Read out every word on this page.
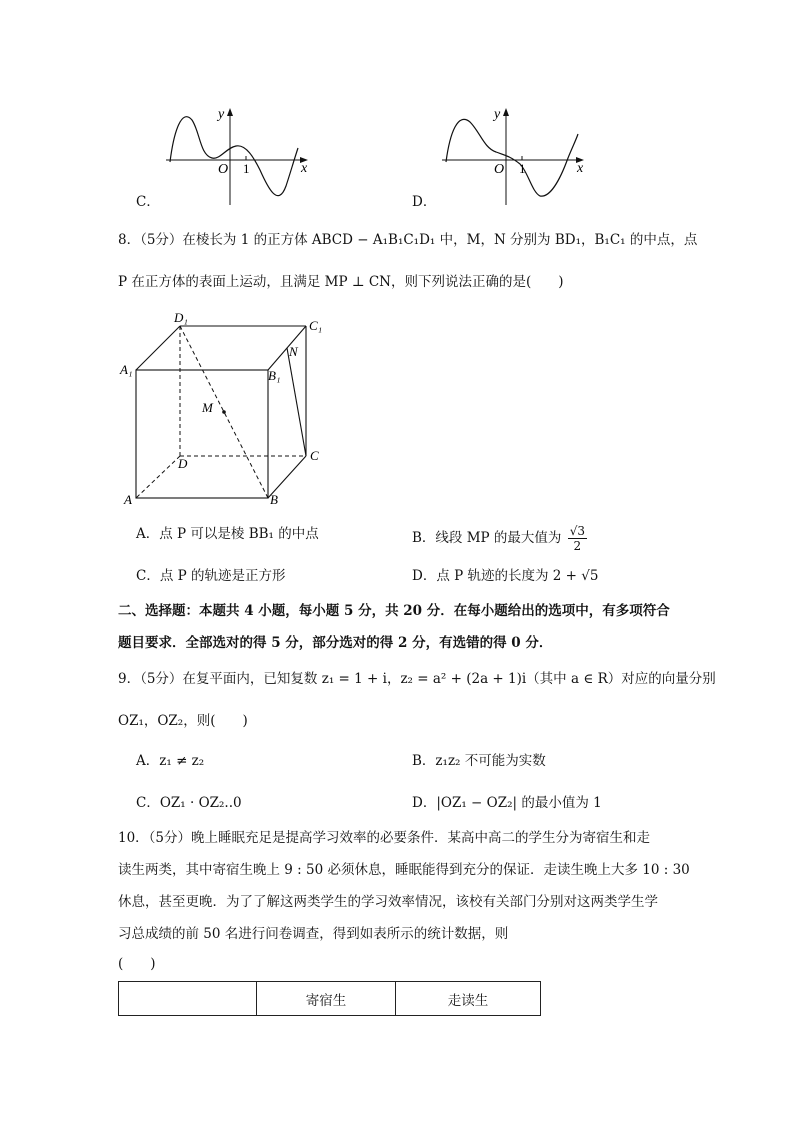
y
x
O 1
C．
y
x
O 1
D．
8．（5分）在棱长为 1 的正方体 ABCD − A₁B₁C₁D₁ 中，M，N 分别为 BD₁，B₁C₁ 的中点，点
P 在正方体的表面上运动，且满足 MP ⊥ CN，则下列说法正确的是(　　)
D₁
C₁
A₁	B₁
N
M
D
C
A	B
A．点 P 可以是棱 BB₁ 的中点	B．线段 MP 的最大值为 $\frac{√3}{2}$
C．点 P 的轨迹是正方形	D．点 P 轨迹的长度为 2 + √5
二、选择题：本题共 4 小题，每小题 5 分，共 20 分．在每小题给出的选项中，有多项符合
题目要求．全部选对的得 5 分，部分选对的得 2 分，有选错的得 0 分．
9．（5分）在复平面内，已知复数 z₁ = 1 + i，z₂ = a² + (2a + 1)i（其中 a ∈ R）对应的向量分别
OZ₁，OZ₂，则(　　)
A．z₁ ≠ z₂	B．z₁z₂ 不可能为实数
C．OZ₁ · OZ₂..0	D．|OZ₁ − OZ₂| 的最小值为 1
10．（5分）晚上睡眠充足是提高学习效率的必要条件．某高中高二的学生分为寄宿生和走
读生两类，其中寄宿生晚上 9 : 50 必须休息，睡眠能得到充分的保证．走读生晚上大多 10 : 30
休息，甚至更晚．为了了解这两类学生的学习效率情况，该校有关部门分别对这两类学生学
习总成绩的前 50 名进行问卷调查，得到如表所示的统计数据，则
(　　)
	寄宿生	走读生
